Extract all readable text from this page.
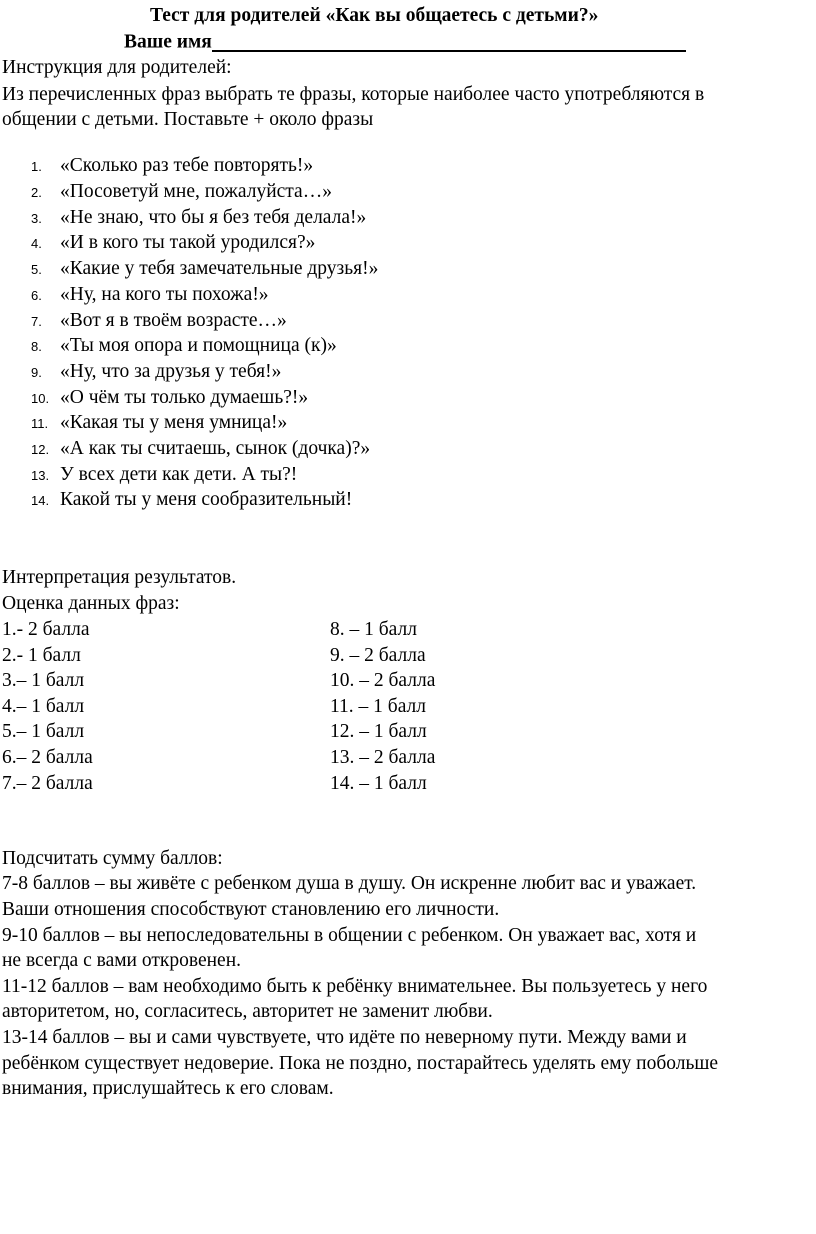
Тест для родителей «Как вы общаетесь с детьми?»
Ваше имя
Инструкция для родителей:
Из перечисленных фраз выбрать те фразы, которые наиболее часто употребляются в
общении с детьми. Поставьте + около фразы
1. «Сколько раз тебе повторять!»
2. «Посоветуй мне, пожалуйста…»
3. «Не знаю, что бы я без тебя делала!»
4. «И в кого ты такой уродился?»
5. «Какие у тебя замечательные друзья!»
6. «Ну, на кого ты похожа!»
7. «Вот я в твоём возрасте…»
8. «Ты моя опора и помощница (к)»
9. «Ну, что за друзья у тебя!»
10. «О чём ты только думаешь?!»
11. «Какая ты у меня умница!»
12. «А как ты считаешь, сынок (дочка)?»
13. У всех дети как дети. А ты?!
14. Какой ты у меня сообразительный!
Интерпретация результатов.
Оценка данных фраз:
1.- 2 балла
2.- 1 балл
3.– 1 балл
4.– 1 балл
5.– 1 балл
6.– 2 балла
7.– 2 балла
8. – 1 балл
9. – 2 балла
10. – 2 балла
11. – 1 балл
12. – 1 балл
13. – 2 балла
14. – 1 балл
Подсчитать сумму баллов:
7-8 баллов – вы живёте с ребенком душа в душу. Он искренне любит вас и уважает.
Ваши отношения способствуют становлению его личности.
9-10 баллов – вы непоследовательны в общении с ребенком. Он уважает вас, хотя и
не всегда с вами откровенен.
11-12 баллов – вам необходимо быть к ребёнку внимательнее. Вы пользуетесь у него
авторитетом, но, согласитесь, авторитет не заменит любви.
13-14 баллов – вы и сами чувствуете, что идёте по неверному пути. Между вами и
ребёнком существует недоверие. Пока не поздно, постарайтесь уделять ему побольше
внимания, прислушайтесь к его словам.
